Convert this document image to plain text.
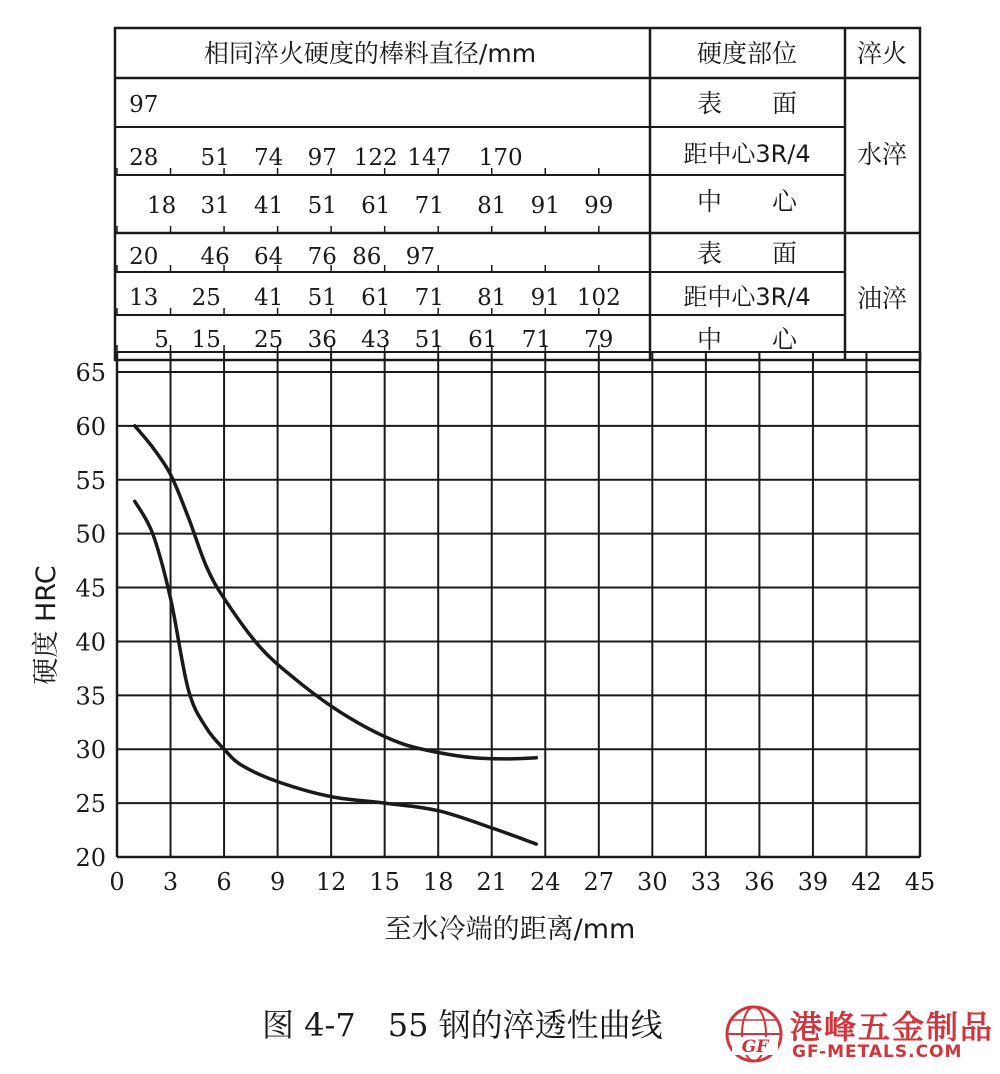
相同淬火硬度的棒料直径/mm	硬度部位 淬火
表　　面
距中心3R/4
中　　心
表　　面
距中心3R/4
中　　心
水淬
油淬
97
28 51 74 97 122 147 170
18 31 41 51 61 71 81 91 99
20 46 64 76 86 97
13 25 41 51 61 71 81 91 102
5 15 25 36 43 51 61 71 79
0 3 6 9 12 15 18 21 24 27 30 33 36 39 42 45
20
25
30
35
40
45
50
55
60
65
至水冷端的距离/mm
硬度 HRC
图 4-7　55 钢的淬透性曲线
GF
港峰五金制品
GF-METALS.COM
